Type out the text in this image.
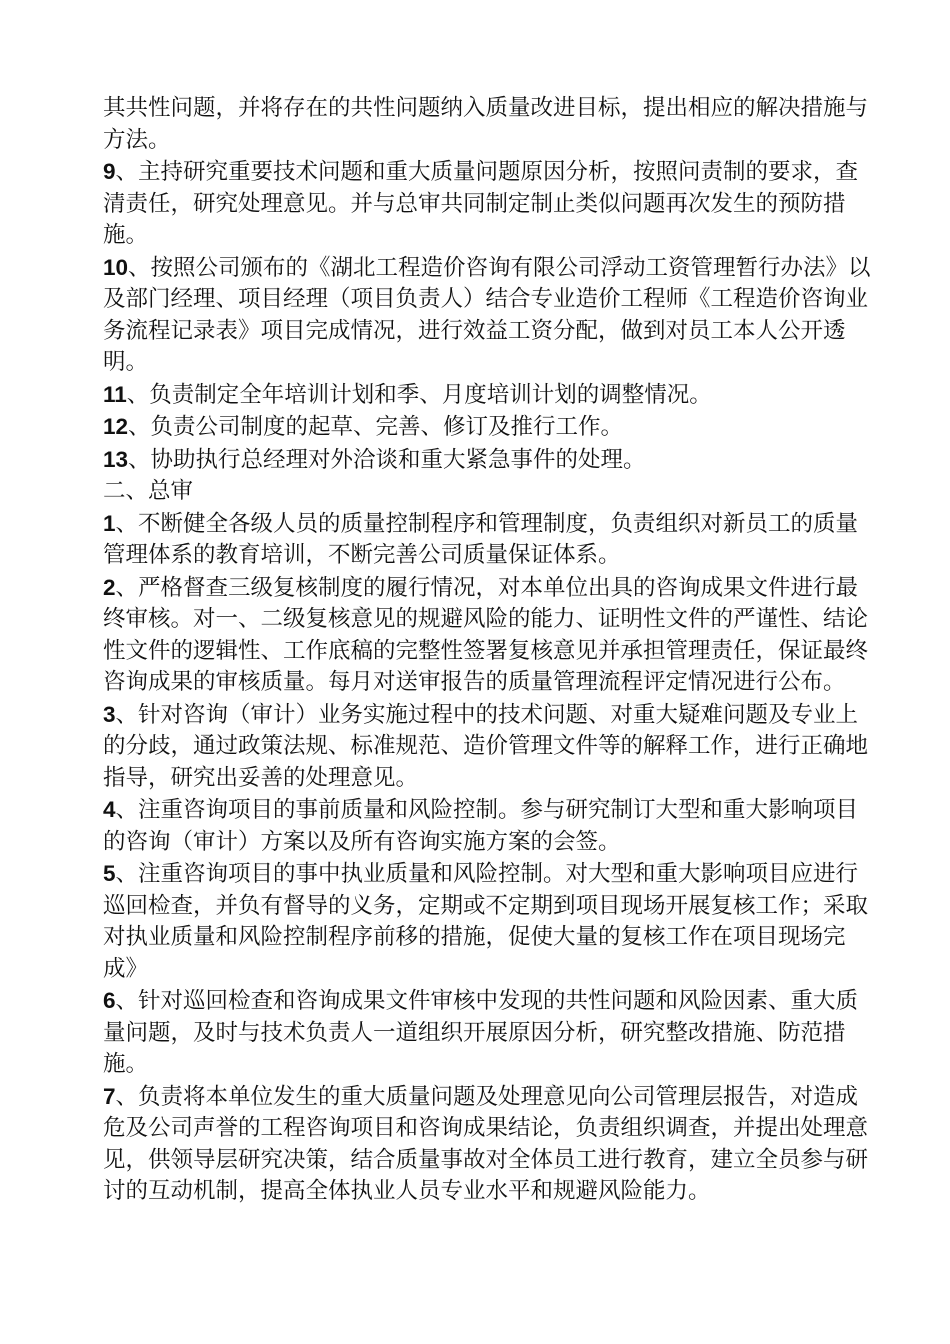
其共性问题，并将存在的共性问题纳入质量改进目标，提出相应的解决措施与方法。

9、主持研究重要技术问题和重大质量问题原因分析，按照问责制的要求，查清责任，研究处理意见。并与总审共同制定制止类似问题再次发生的预防措施。

10、按照公司颁布的《湖北工程造价咨询有限公司浮动工资管理暂行办法》以及部门经理、项目经理（项目负责人）结合专业造价工程师《工程造价咨询业务流程记录表》项目完成情况，进行效益工资分配，做到对员工本人公开透明。

11、负责制定全年培训计划和季、月度培训计划的调整情况。

12、负责公司制度的起草、完善、修订及推行工作。

13、协助执行总经理对外洽谈和重大紧急事件的处理。

二、总审

1、不断健全各级人员的质量控制程序和管理制度，负责组织对新员工的质量管理体系的教育培训，不断完善公司质量保证体系。

2、严格督查三级复核制度的履行情况，对本单位出具的咨询成果文件进行最终审核。对一、二级复核意见的规避风险的能力、证明性文件的严谨性、结论性文件的逻辑性、工作底稿的完整性签署复核意见并承担管理责任，保证最终咨询成果的审核质量。每月对送审报告的质量管理流程评定情况进行公布。

3、针对咨询（审计）业务实施过程中的技术问题、对重大疑难问题及专业上的分歧，通过政策法规、标准规范、造价管理文件等的解释工作，进行正确地指导，研究出妥善的处理意见。

4、注重咨询项目的事前质量和风险控制。参与研究制订大型和重大影响项目的咨询（审计）方案以及所有咨询实施方案的会签。

5、注重咨询项目的事中执业质量和风险控制。对大型和重大影响项目应进行巡回检查，并负有督导的义务，定期或不定期到项目现场开展复核工作；采取对执业质量和风险控制程序前移的措施，促使大量的复核工作在项目现场完成》

6、针对巡回检查和咨询成果文件审核中发现的共性问题和风险因素、重大质量问题，及时与技术负责人一道组织开展原因分析，研究整改措施、防范措施。

7、负责将本单位发生的重大质量问题及处理意见向公司管理层报告，对造成危及公司声誉的工程咨询项目和咨询成果结论，负责组织调查，并提出处理意见，供领导层研究决策，结合质量事故对全体员工进行教育，建立全员参与研讨的互动机制，提高全体执业人员专业水平和规避风险能力。
